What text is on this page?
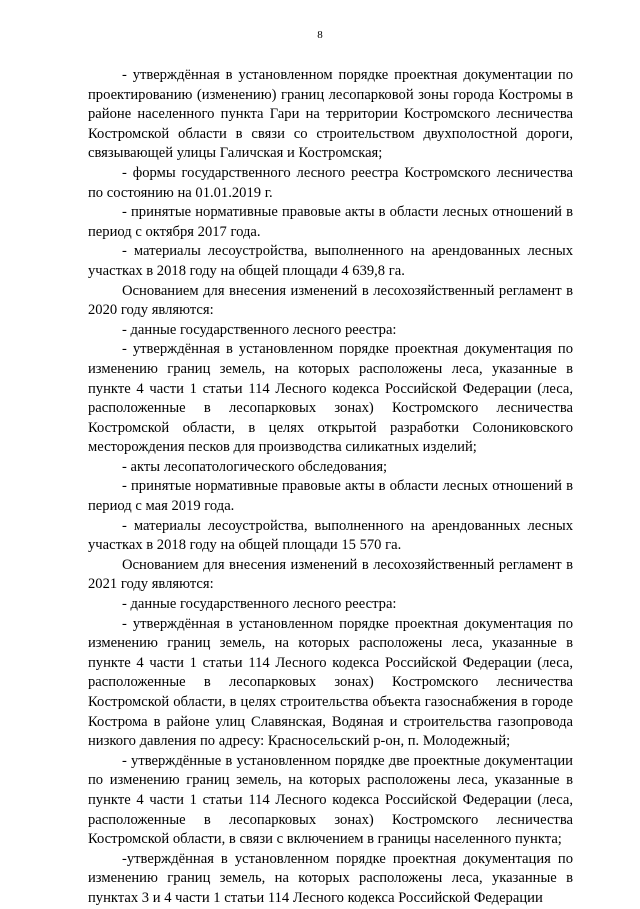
8

- утверждённая в установленном порядке проектная документации по проектированию (изменению) границ лесопарковой зоны города Костромы в районе населенного пункта Гари на территории Костромского лесничества Костромской области в связи со строительством двухполостной дороги, связывающей улицы Галичская и Костромская;

- формы государственного лесного реестра Костромского лесничества по состоянию на 01.01.2019 г.

- принятые нормативные правовые акты в области лесных отношений в период с октября 2017 года.

- материалы лесоустройства, выполненного на арендованных лесных участках в 2018 году на общей площади 4 639,8 га.

Основанием для внесения изменений в лесохозяйственный регламент в 2020 году являются:

- данные государственного лесного реестра:

- утверждённая в установленном порядке проектная документация по изменению границ земель, на которых расположены леса, указанные в пункте 4 части 1 статьи 114 Лесного кодекса Российской Федерации (леса, расположенные в лесопарковых зонах) Костромского лесничества Костромской области, в целях открытой разработки Солониковского месторождения песков для производства силикатных изделий;

- акты лесопатологического обследования;

- принятые нормативные правовые акты в области лесных отношений в период с мая 2019 года.

- материалы лесоустройства, выполненного на арендованных лесных участках в 2018 году на общей площади 15 570 га.

Основанием для внесения изменений в лесохозяйственный регламент в 2021 году являются:

- данные государственного лесного реестра:

- утверждённая в установленном порядке проектная документация по изменению границ земель, на которых расположены леса, указанные в пункте 4 части 1 статьи 114 Лесного кодекса Российской Федерации (леса, расположенные в лесопарковых зонах) Костромского лесничества Костромской области, в целях строительства объекта газоснабжения в городе Кострома в районе улиц Славянская, Водяная и строительства газопровода низкого давления по адресу: Красносельский р-он, п. Молодежный;

- утверждённые в установленном порядке две проектные документации по изменению границ земель, на которых расположены леса, указанные в пункте 4 части 1 статьи 114 Лесного кодекса Российской Федерации (леса, расположенные в лесопарковых зонах) Костромского лесничества Костромской области, в связи с включением в границы населенного пункта;

-утверждённая в установленном порядке проектная документация по изменению границ земель, на которых расположены леса, указанные в пунктах 3 и 4 части 1 статьи 114 Лесного кодекса Российской Федерации
